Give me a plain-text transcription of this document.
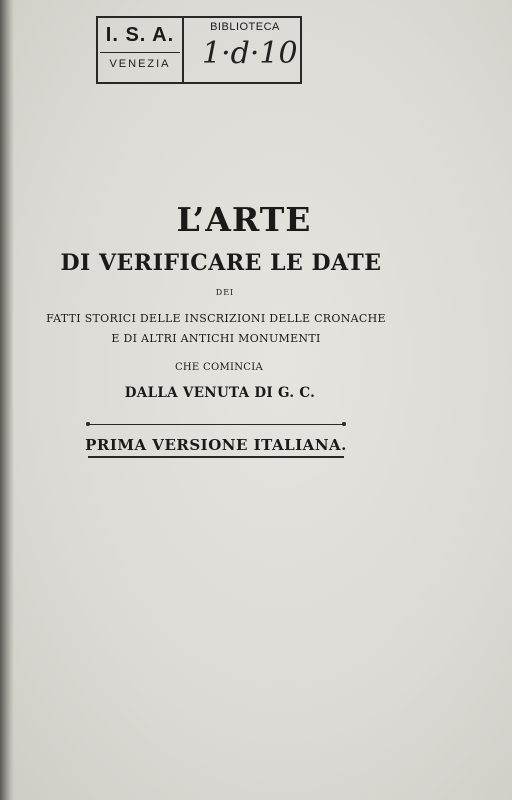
I. S. A.
VENEZIA
BIBLIOTECA
1·d·10
L’ARTE
DI VERIFICARE LE DATE
DEI
FATTI STORICI DELLE INSCRIZIONI DELLE CRONACHE
E DI ALTRI ANTICHI MONUMENTI
CHE COMINCIA
DALLA VENUTA DI G. C.
PRIMA VERSIONE ITALIANA.
